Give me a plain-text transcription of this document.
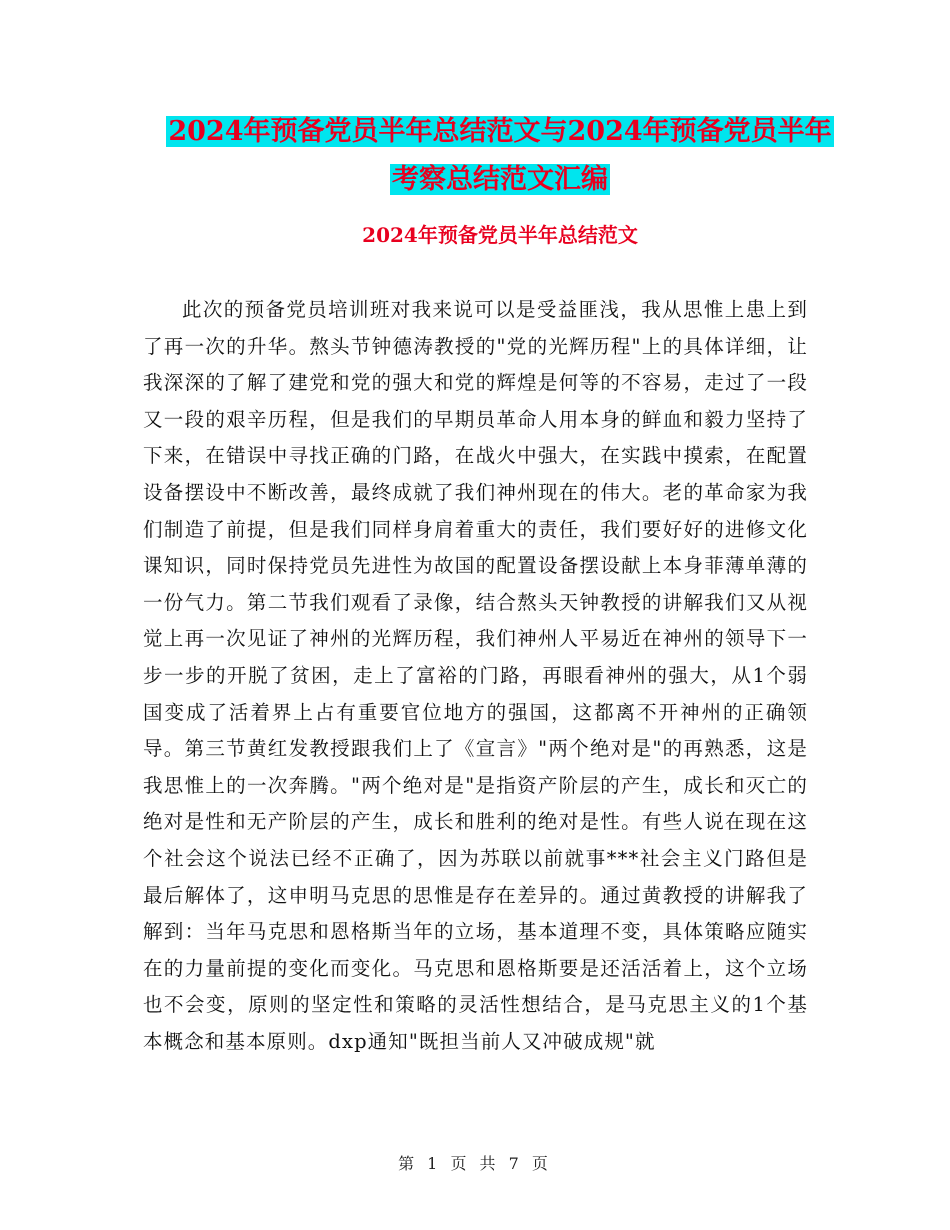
2024年预备党员半年总结范文与2024年预备党员半年
考察总结范文汇编
2024年预备党员半年总结范文

此次的预备党员培训班对我来说可以是受益匪浅，我从思惟上患上到了再一次的升华。熬头节钟德涛教授的"党的光辉历程"上的具体详细，让我深深的了解了建党和党的强大和党的辉煌是何等的不容易，走过了一段又一段的艰辛历程，但是我们的早期员革命人用本身的鲜血和毅力坚持了下来，在错误中寻找正确的门路，在战火中强大，在实践中摸索，在配置设备摆设中不断改善，最终成就了我们神州现在的伟大。老的革命家为我们制造了前提，但是我们同样身肩着重大的责任，我们要好好的进修文化课知识，同时保持党员先进性为故国的配置设备摆设献上本身菲薄单薄的一份气力。第二节我们观看了录像，结合熬头天钟教授的讲解我们又从视觉上再一次见证了神州的光辉历程，我们神州人平易近在神州的领导下一步一步的开脱了贫困，走上了富裕的门路，再眼看神州的强大，从1个弱国变成了活着界上占有重要官位地方的强国，这都离不开神州的正确领导。第三节黄红发教授跟我们上了《宣言》"两个绝对是"的再熟悉，这是我思惟上的一次奔腾。"两个绝对是"是指资产阶层的产生，成长和灭亡的绝对是性和无产阶层的产生，成长和胜利的绝对是性。有些人说在现在这个社会这个说法已经不正确了，因为苏联以前就事***社会主义门路但是最后解体了，这申明马克思的思惟是存在差异的。通过黄教授的讲解我了解到：当年马克思和恩格斯当年的立场，基本道理不变，具体策略应随实在的力量前提的变化而变化。马克思和恩格斯要是还活活着上，这个立场也不会变，原则的坚定性和策略的灵活性想结合，是马克思主义的1个基本概念和基本原则。dxp通知"既担当前人又冲破成规"就

第 1 页 共 7 页
